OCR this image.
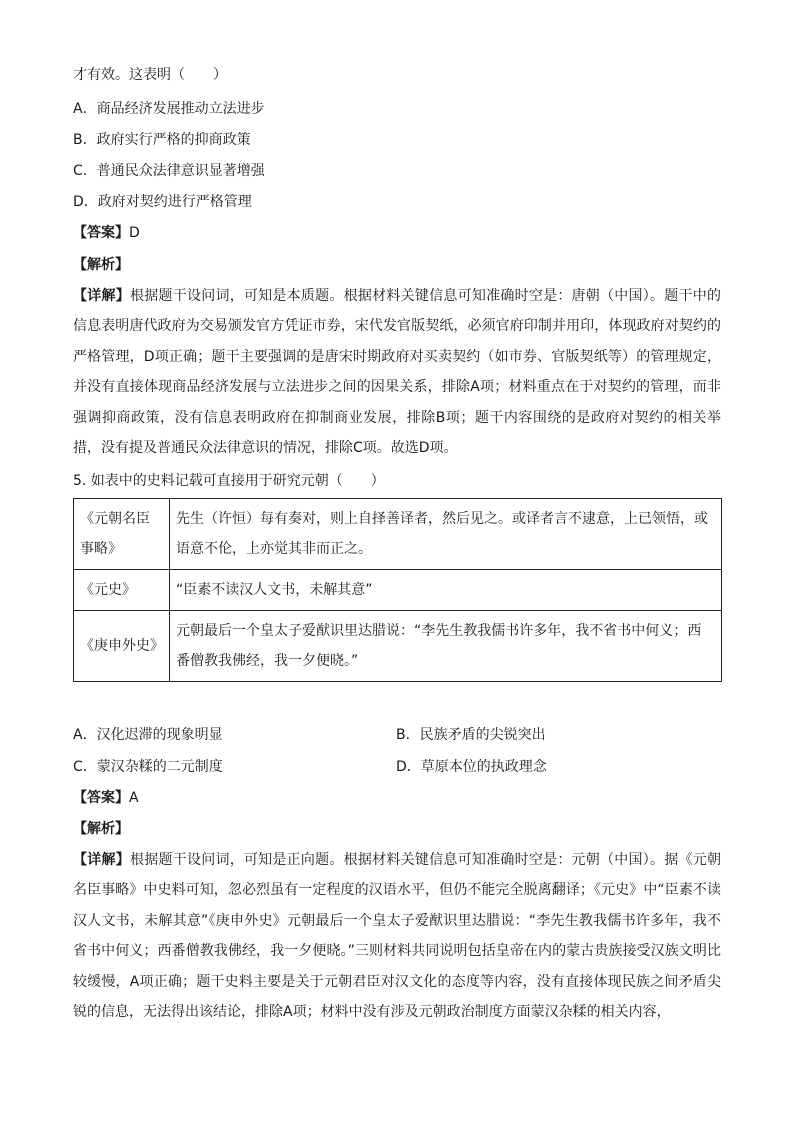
才有效。这表明（　　）
A．商品经济发展推动立法进步
B．政府实行严格的抑商政策
C．普通民众法律意识显著增强
D．政府对契约进行严格管理
【答案】D
【解析】
【详解】根据题干设问词，可知是本质题。根据材料关键信息可知准确时空是：唐朝（中国）。题干中的信息表明唐代政府为交易颁发官方凭证市券，宋代发官版契纸，必须官府印制并用印，体现政府对契约的严格管理，D项正确；题干主要强调的是唐宋时期政府对买卖契约（如市券、官版契纸等）的管理规定，并没有直接体现商品经济发展与立法进步之间的因果关系，排除A项；材料重点在于对契约的管理，而非强调抑商政策，没有信息表明政府在抑制商业发展，排除B项；题干内容围绕的是政府对契约的相关举措，没有提及普通民众法律意识的情况，排除C项。故选D项。
5. 如表中的史料记载可直接用于研究元朝（　　）
《元朝名臣事略》	先生（许恒）每有奏对，则上自择善译者，然后见之。或译者言不逮意，上已领悟，或语意不伦，上亦觉其非而正之。
《元史》	“臣素不读汉人文书，未解其意”
《庚申外史》	元朝最后一个皇太子爱猷识里达腊说：“李先生教我儒书许多年，我不省书中何义；西番僧教我佛经，我一夕便晓。”
A．汉化迟滞的现象明显	B．民族矛盾的尖锐突出
C．蒙汉杂糅的二元制度	D．草原本位的执政理念
【答案】A
【解析】
【详解】根据题干设问词，可知是正向题。根据材料关键信息可知准确时空是：元朝（中国）。据《元朝名臣事略》中史料可知，忽必烈虽有一定程度的汉语水平，但仍不能完全脱离翻译；《元史》中“臣素不读汉人文书，未解其意”《庚申外史》元朝最后一个皇太子爱猷识里达腊说：“李先生教我儒书许多年，我不省书中何义；西番僧教我佛经，我一夕便晓。”三则材料共同说明包括皇帝在内的蒙古贵族接受汉族文明比较缓慢，A项正确；题干史料主要是关于元朝君臣对汉文化的态度等内容，没有直接体现民族之间矛盾尖锐的信息，无法得出该结论，排除A项；材料中没有涉及元朝政治制度方面蒙汉杂糅的相关内容，
